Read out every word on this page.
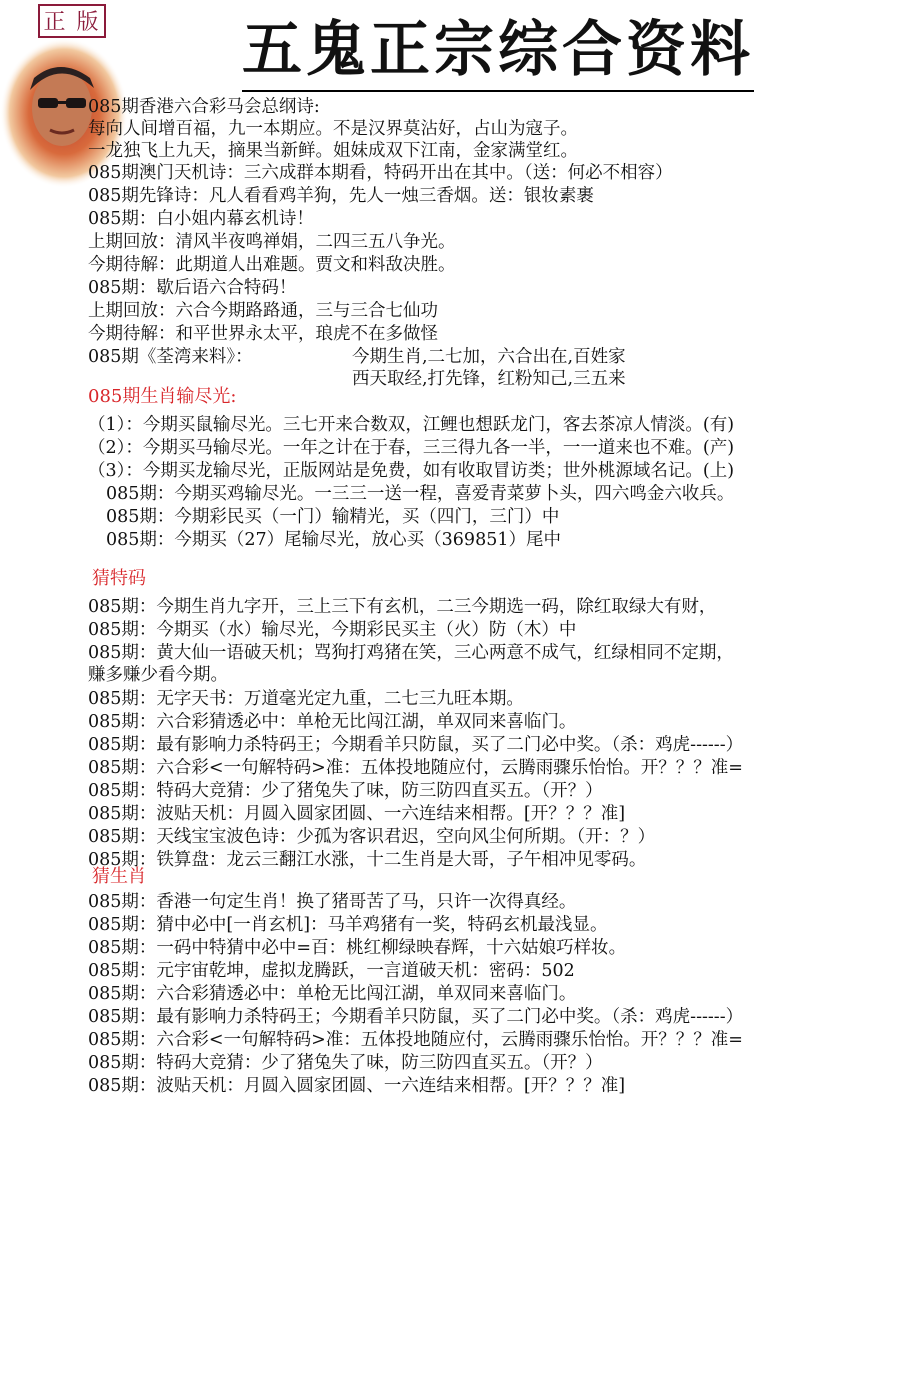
正 版 五鬼正宗综合资料
085期香港六合彩马会总纲诗:
每向人间增百福，九一本期应。不是汉界莫沾好，占山为寇子。
一龙独飞上九天，摘果当新鲜。姐妹成双下江南，金家满堂红。
085期澳门天机诗：三六成群本期看，特码开出在其中。（送：何必不相容）
085期先锋诗：凡人看看鸡羊狗，先人一烛三香烟。送：银妆素裹
085期：白小姐内幕玄机诗！
上期回放：清风半夜鸣禅娟，二四三五八争光。
今期待解：此期道人出难题。贾文和料敌决胜。
085期：歇后语六合特码！
上期回放：六合今期路路通，三与三合七仙功
今期待解：和平世界永太平，琅虎不在多做怪
085期《荃湾来料》：	今期生肖,二七加，六合出在,百姓家
西天取经,打先锋，红粉知己,三五来
085期生肖输尽光:
（1）：今期买鼠输尽光。三七开来合数双，江鲤也想跃龙门，客去茶凉人情淡。(有)
（2）：今期买马输尽光。一年之计在于春，三三得九各一半，一一道来也不难。(产)
（3）：今期买龙输尽光，正版网站是免费，如有收取冒访类；世外桃源域名记。(上)
085期：今期买鸡输尽光。一三三一送一程，喜爱青菜萝卜头，四六鸣金六收兵。
085期：今期彩民买（一门）输精光，买（四门，三门）中
085期：今期买（27）尾输尽光，放心买（369851）尾中
猜特码
085期：今期生肖九字开，三上三下有玄机，二三今期选一码，除红取绿大有财，
085期：今期买（水）输尽光，今期彩民买主（火）防（木）中
085期：黄大仙一语破天机；骂狗打鸡猪在笑，三心两意不成气，红绿相同不定期，
赚多赚少看今期。
085期：无字天书：万道毫光定九重，二七三九旺本期。
085期：六合彩猜透必中：单枪无比闯江湖，单双同来喜临门。
085期：最有影响力杀特码王；今期看羊只防鼠，买了二门必中奖。（杀：鸡虎------）
085期：六合彩<一句解特码>准：五体投地随应付，云腾雨骤乐怡怡。开？？？准=
085期：特码大竞猜：少了猪兔失了味，防三防四直买五。（开？）
085期：波贴天机：月圆入圆家团圆、一六连结来相帮。[开？？？准]
085期：天线宝宝波色诗：少孤为客识君迟，空向风尘何所期。（开：？）
085期：铁算盘：龙云三翻江水涨，十二生肖是大哥，子午相冲见零码。
猜生肖
085期：香港一句定生肖！换了猪哥苦了马，只许一次得真经。
085期：猜中必中[一肖玄机]：马羊鸡猪有一奖，特码玄机最浅显。
085期：一码中特猜中必中=百：桃红柳绿映春辉，十六姑娘巧样妆。
085期：元宇宙乾坤，虚拟龙腾跃，一言道破天机：密码：502
085期：六合彩猜透必中：单枪无比闯江湖，单双同来喜临门。
085期：最有影响力杀特码王；今期看羊只防鼠，买了二门必中奖。（杀：鸡虎------）
085期：六合彩<一句解特码>准：五体投地随应付，云腾雨骤乐怡怡。开？？？准=
085期：特码大竞猜：少了猪兔失了味，防三防四直买五。（开？）
085期：波贴天机：月圆入圆家团圆、一六连结来相帮。[开？？？准]
